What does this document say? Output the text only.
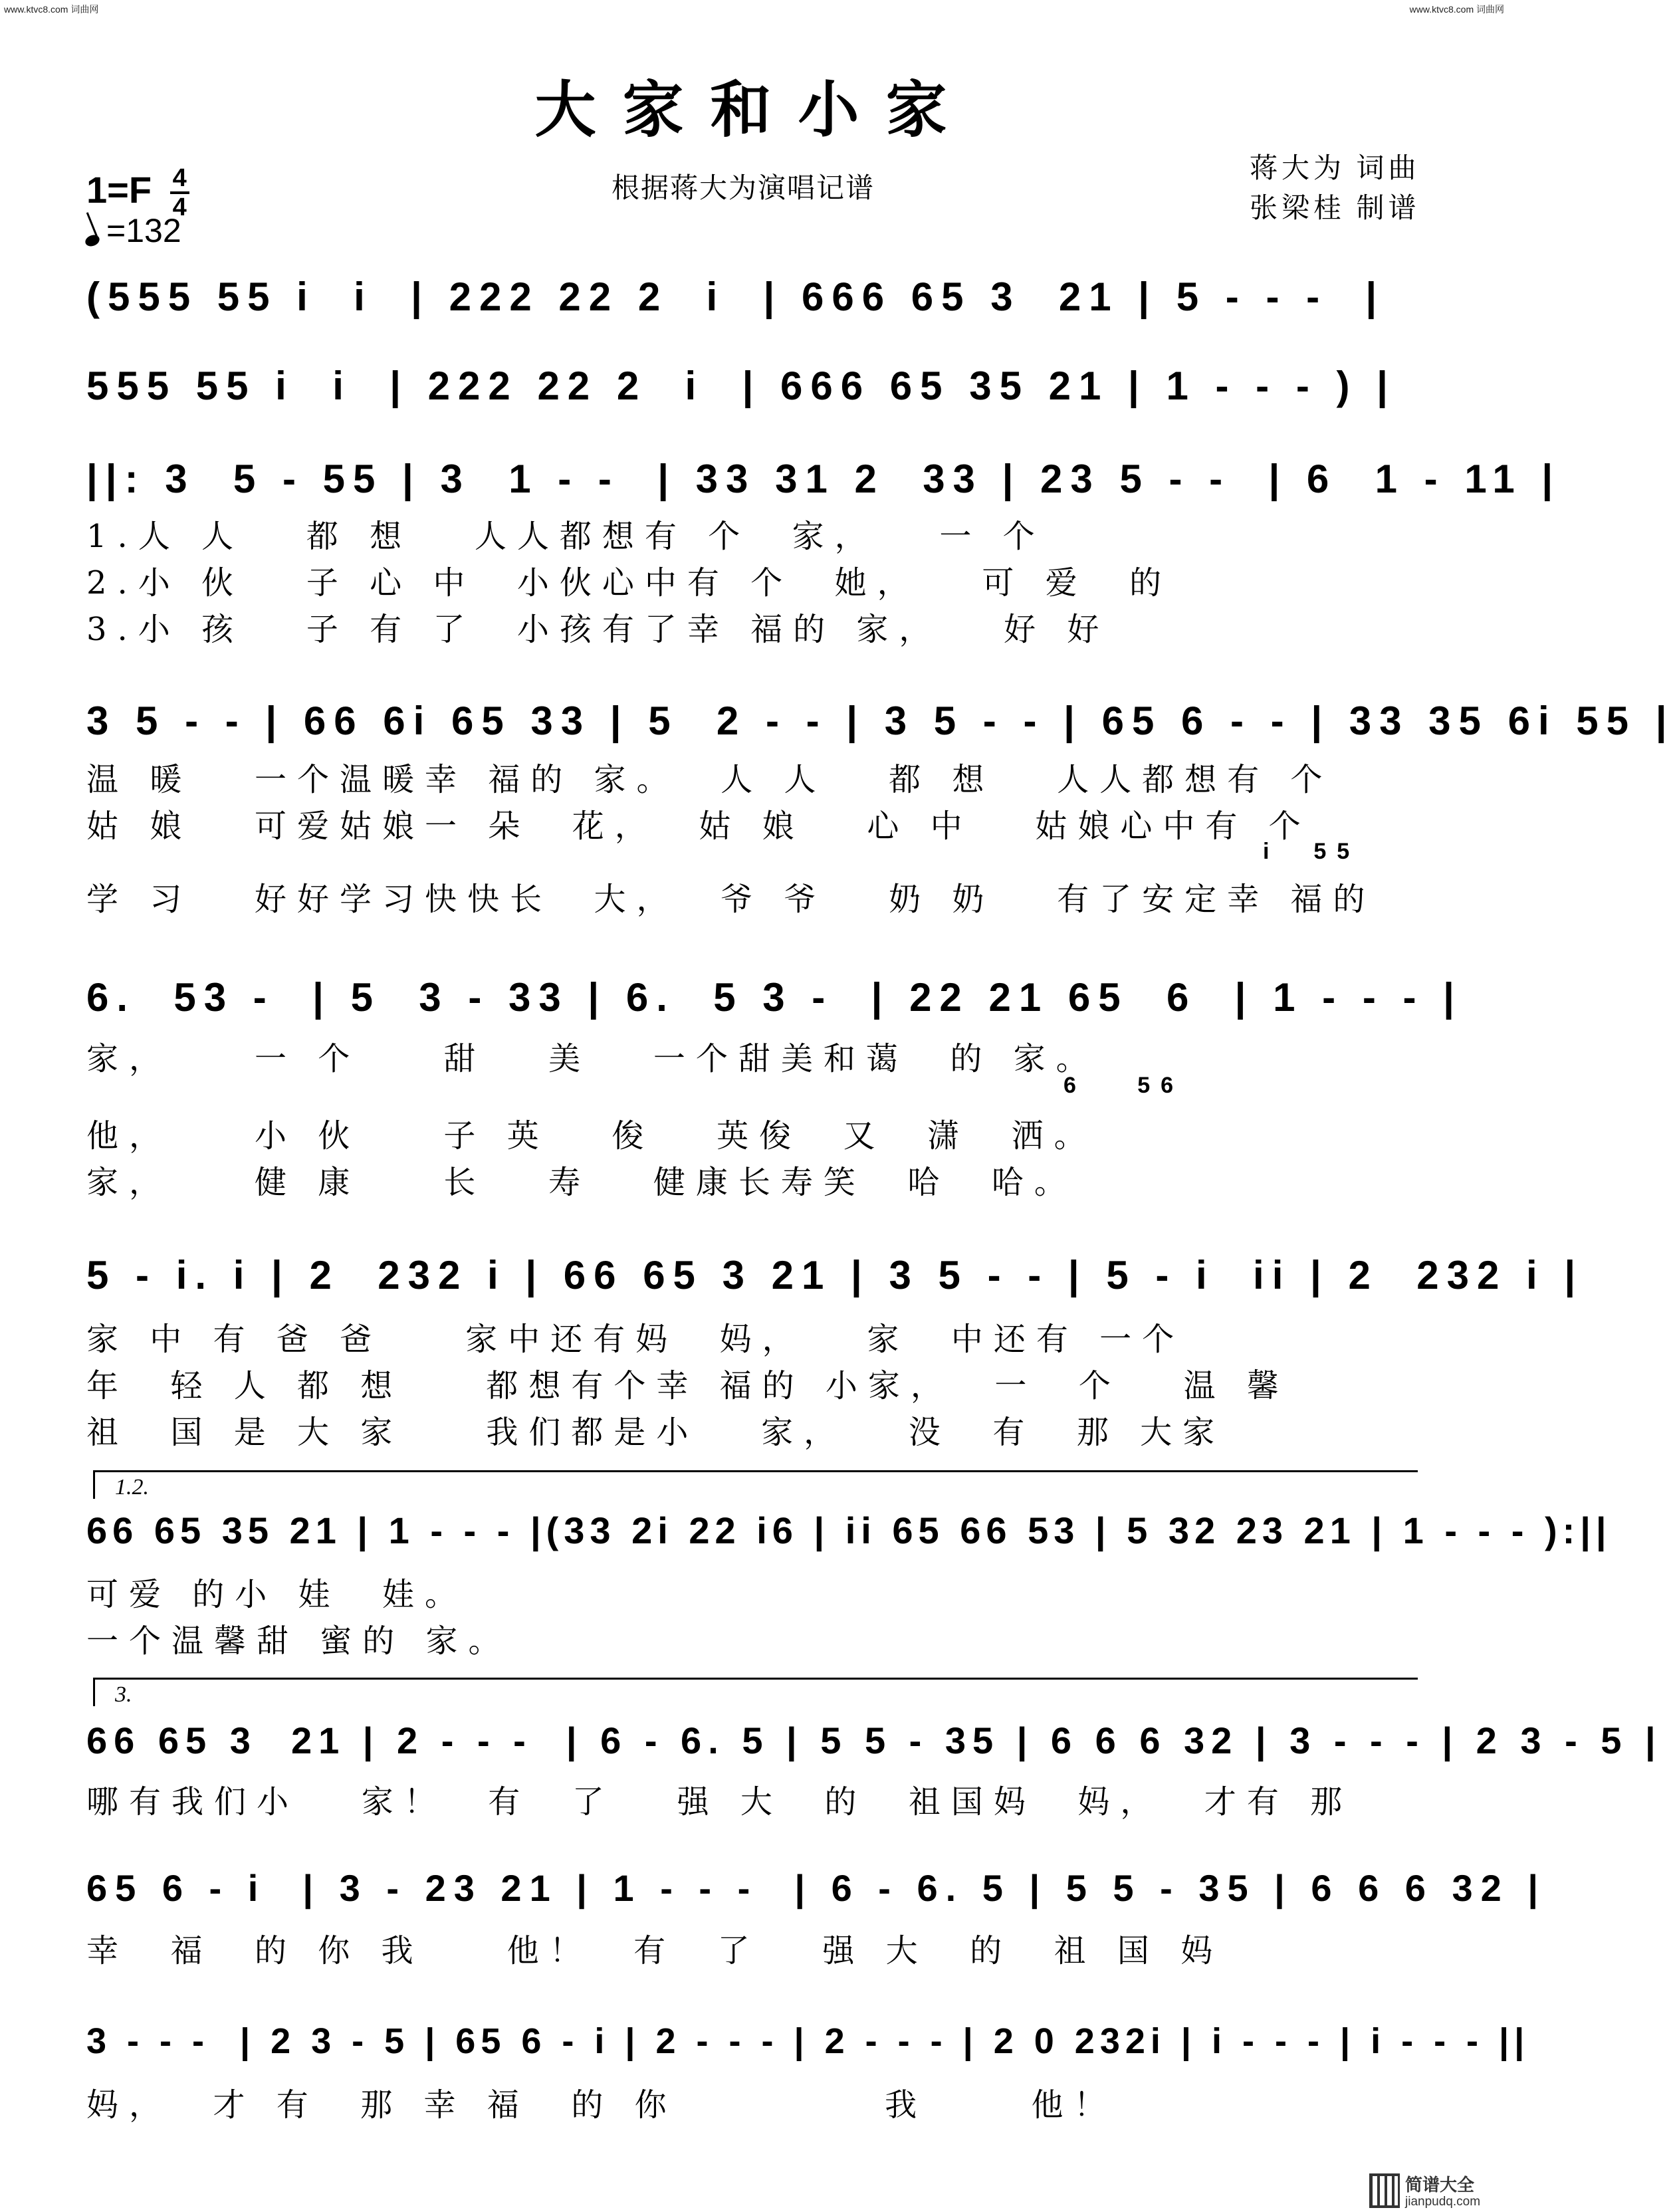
www.ktvc8.com 词曲网	www.ktvc8.com 词曲网
大家和小家
$1=F \frac{4}{4}$
=132
根据蒋大为演唱记谱
蒋大为 词曲
张梁桂 制谱
(555 55 i  i  | 222 22 2  i  | 666 65 3  21 | 5 - - -  |
555 55 i  i  | 222 22 2  i  | 666 65 35 21 | 1 - - - ) |
||: 3  5 - 55 | 3  1 - -  | 33 31 2  33 | 23 5 - -  | 6  1 - 11 |
1.人 人   都 想   人人都想有 个  家，   一 个
2.小 伙   子 心 中  小伙心中有 个  她，   可 爱  的
3.小 孩   子 有 了  小孩有了幸 福的 家，   好 好
3 5 - - | 66 6i 65 33 | 5  2 - - | 3 5 - - | 65 6 - - | 33 35 6i 55 |
温 暖   一个温暖幸 福的 家。  人 人   都 想   人人都想有 个
姑 娘   可爱姑娘一 朵  花，  姑 娘   心 中   姑娘心中有 个
i  55
学 习   好好学习快快长  大，  爷 爷   奶 奶   有了安定幸 福的
6.  53 -  | 5  3 - 33 | 6.  5 3 -  | 22 21 65  6  | 1 - - - |
家，    一 个    甜   美   一个甜美和蔼  的 家。
6   56
他，    小 伙    子 英   俊   英俊  又  潇  洒。
家，    健 康    长   寿   健康长寿笑  哈  哈。
5 - i. i | 2  232 i | 66 65 3 21 | 3 5 - - | 5 - i  ii | 2  232 i |
家 中 有 爸 爸    家中还有妈  妈，   家  中还有 一个
年  轻 人 都 想    都想有个幸 福的 小家，  一  个   温 馨
祖  国 是 大 家    我们都是小   家，   没  有  那 大家
1.2.
66 65 35 21 | 1 - - - |(33 2i 22 i6 | ii 65 66 53 | 5 32 23 21 | 1 - - - ):||
可爱 的小 娃  娃。
一个温馨甜 蜜的 家。
3.
66 65 3  21 | 2 - - -  | 6 - 6. 5 | 5 5 - 35 | 6 6 6 32 | 3 - - - | 2 3 - 5 |
哪有我们小   家！  有  了   强 大  的  祖国妈  妈，  才有 那
65 6 - i  | 3 - 23 21 | 1 - - -  | 6 - 6. 5 | 5 5 - 35 | 6 6 6 32 |
幸  福  的 你 我    他！  有  了   强 大  的  祖 国 妈
3 - - -  | 2 3 - 5 | 65 6 - i | 2 - - - | 2 - - - | 2 0 232i | i - - - | i - - - ||
妈，  才 有  那 幸 福  的 你          我     他！
简谱大全
jianpudq.com
